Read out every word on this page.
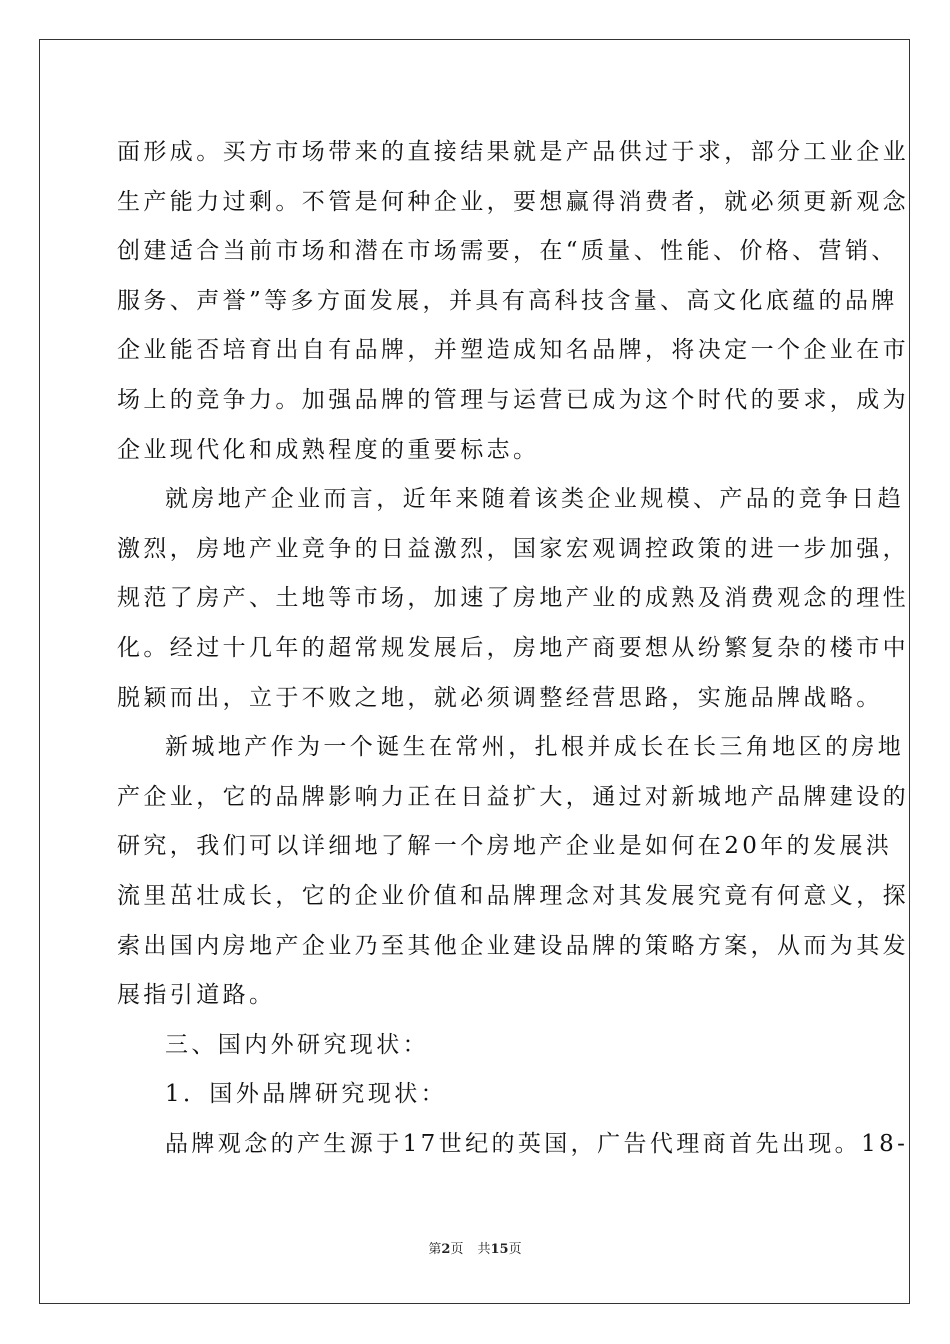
面形成。买方市场带来的直接结果就是产品供过于求，部分工业企业
生产能力过剩。不管是何种企业，要想赢得消费者，就必须更新观念
创建适合当前市场和潜在市场需要，在“质量、性能、价格、营销、
服务、声誉”等多方面发展，并具有高科技含量、高文化底蕴的品牌
企业能否培育出自有品牌，并塑造成知名品牌，将决定一个企业在市
场上的竞争力。加强品牌的管理与运营已成为这个时代的要求，成为
企业现代化和成熟程度的重要标志。
就房地产企业而言，近年来随着该类企业规模、产品的竞争日趋
激烈，房地产业竞争的日益激烈，国家宏观调控政策的进一步加强，
规范了房产、土地等市场，加速了房地产业的成熟及消费观念的理性
化。经过十几年的超常规发展后，房地产商要想从纷繁复杂的楼市中
脱颖而出，立于不败之地，就必须调整经营思路，实施品牌战略。
新城地产作为一个诞生在常州，扎根并成长在长三角地区的房地
产企业，它的品牌影响力正在日益扩大，通过对新城地产品牌建设的
研究，我们可以详细地了解一个房地产企业是如何在20年的发展洪
流里茁壮成长，它的企业价值和品牌理念对其发展究竟有何意义，探
索出国内房地产企业乃至其他企业建设品牌的策略方案，从而为其发
展指引道路。
三、国内外研究现状：
1．国外品牌研究现状：
品牌观念的产生源于17世纪的英国，广告代理商首先出现。18-
第2页 共15页
